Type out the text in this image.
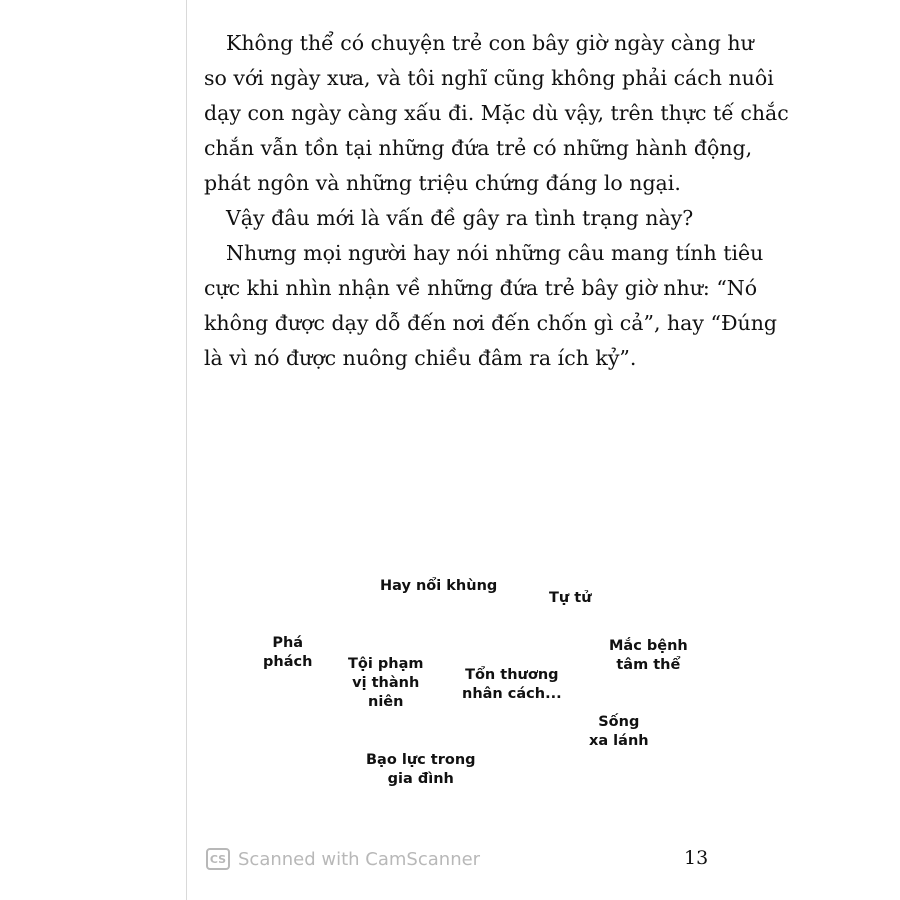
Không thể có chuyện trẻ con bây giờ ngày càng hư
so với ngày xưa, và tôi nghĩ cũng không phải cách nuôi
dạy con ngày càng xấu đi. Mặc dù vậy, trên thực tế chắc
chắn vẫn tồn tại những đứa trẻ có những hành động,
phát ngôn và những triệu chứng đáng lo ngại.

Vậy đâu mới là vấn đề gây ra tình trạng này?

Nhưng mọi người hay nói những câu mang tính tiêu
cực khi nhìn nhận về những đứa trẻ bây giờ như: “Nó
không được dạy dỗ đến nơi đến chốn gì cả”, hay “Đúng
là vì nó được nuông chiều đâm ra ích kỷ”.

Hay nổi khùng
Tự tử
Phá
phách
Mắc bệnh
tâm thể
Tội phạm
vị thành
niên
Tổn thương
nhân cách...
Sống
xa lánh
Bạo lực trong
gia đình
CS Scanned with CamScanner	13
